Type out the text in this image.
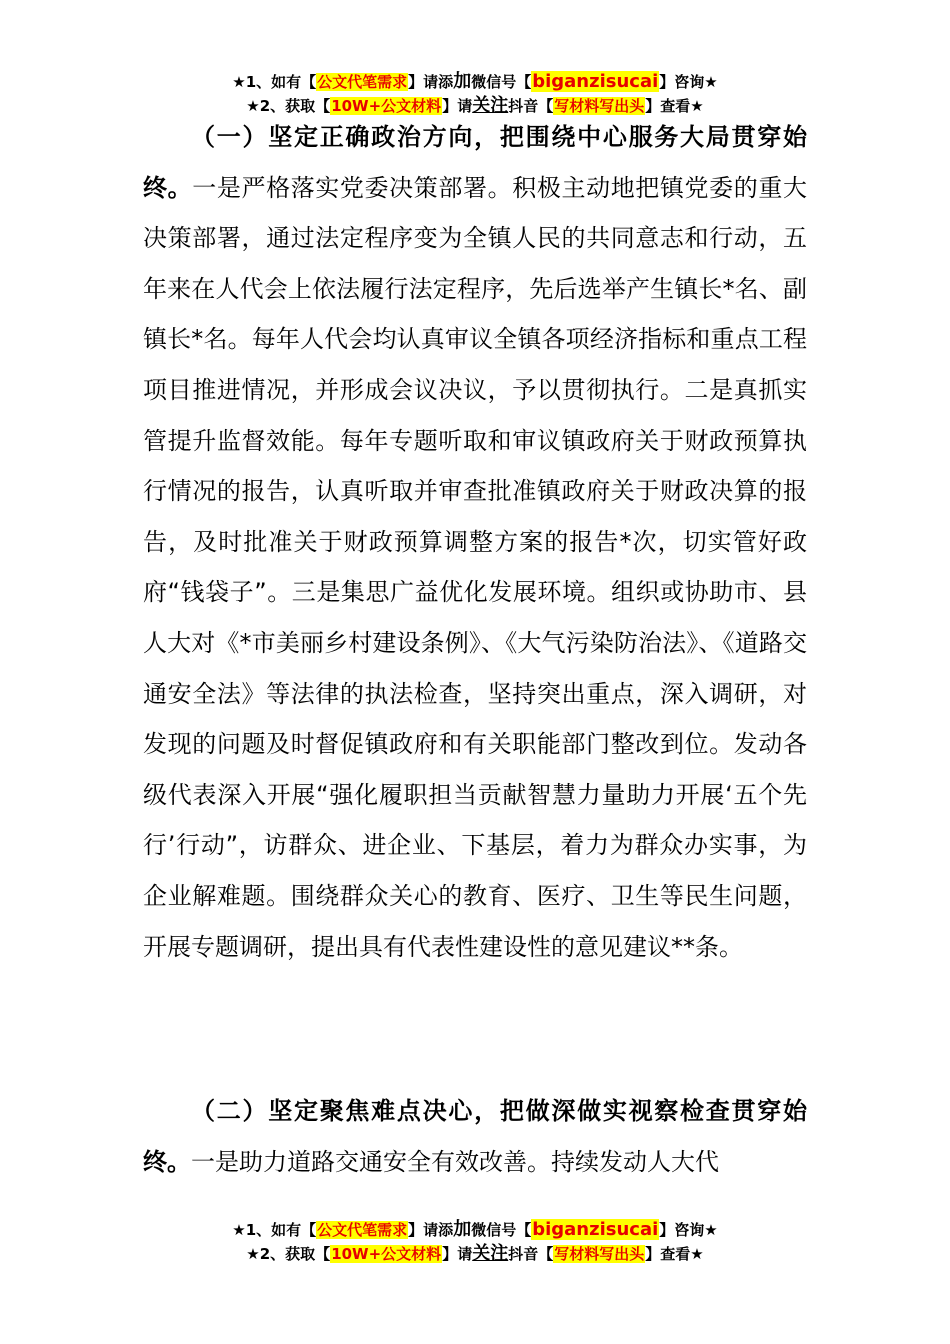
★1、如有【公文代笔需求】请添加微信号【biganzisucai】咨询★
★2、获取【10W+公文材料】请关注抖音【写材料写出头】查看★

（一）坚定正确政治方向，把围绕中心服务大局贯穿始终。一是严格落实党委决策部署。积极主动地把镇党委的重大决策部署，通过法定程序变为全镇人民的共同意志和行动，五年来在人代会上依法履行法定程序，先后选举产生镇长*名、副镇长*名。每年人代会均认真审议全镇各项经济指标和重点工程项目推进情况，并形成会议决议，予以贯彻执行。二是真抓实管提升监督效能。每年专题听取和审议镇政府关于财政预算执行情况的报告，认真听取并审查批准镇政府关于财政决算的报告，及时批准关于财政预算调整方案的报告*次，切实管好政府“钱袋子”。三是集思广益优化发展环境。组织或协助市、县人大对《*市美丽乡村建设条例》、《大气污染防治法》、《道路交通安全法》等法律的执法检查，坚持突出重点，深入调研，对发现的问题及时督促镇政府和有关职能部门整改到位。发动各级代表深入开展“强化履职担当贡献智慧力量助力开展‘五个先行’行动”，访群众、进企业、下基层，着力为群众办实事，为企业解难题。围绕群众关心的教育、医疗、卫生等民生问题，开展专题调研，提出具有代表性建设性的意见建议**条。

（二）坚定聚焦难点决心，把做深做实视察检查贯穿始终。一是助力道路交通安全有效改善。持续发动人大代

★1、如有【公文代笔需求】请添加微信号【biganzisucai】咨询★
★2、获取【10W+公文材料】请关注抖音【写材料写出头】查看★
